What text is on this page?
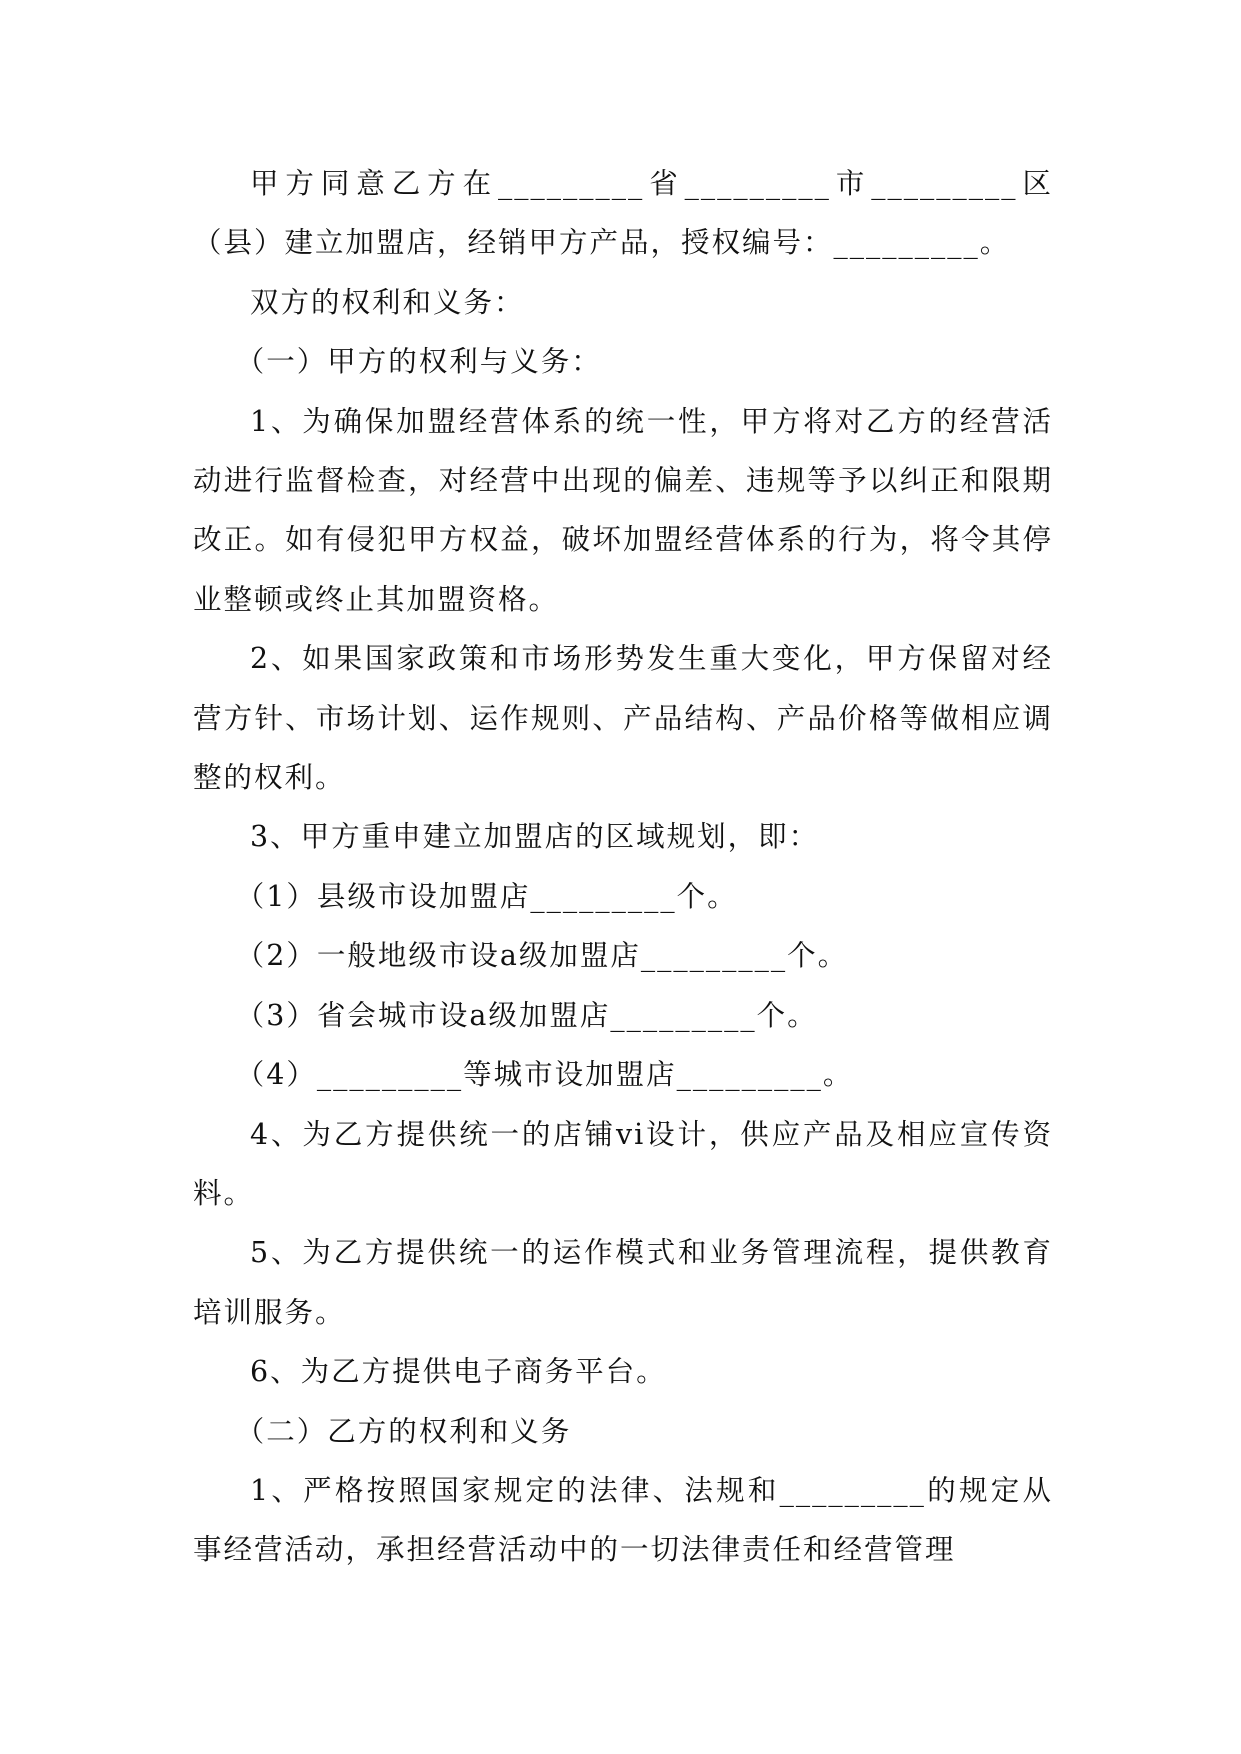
甲方同意乙方在_________省_________市_________区（县）建立加盟店，经销甲方产品，授权编号：_________。

双方的权利和义务：

（一）甲方的权利与义务：

1、为确保加盟经营体系的统一性，甲方将对乙方的经营活动进行监督检查，对经营中出现的偏差、违规等予以纠正和限期改正。如有侵犯甲方权益，破坏加盟经营体系的行为，将令其停业整顿或终止其加盟资格。

2、如果国家政策和市场形势发生重大变化，甲方保留对经营方针、市场计划、运作规则、产品结构、产品价格等做相应调整的权利。

3、甲方重申建立加盟店的区域规划，即：

（1）县级市设加盟店_________个。

（2）一般地级市设a级加盟店_________个。

（3）省会城市设a级加盟店_________个。

（4）_________等城市设加盟店_________。

4、为乙方提供统一的店铺vi设计，供应产品及相应宣传资料。

5、为乙方提供统一的运作模式和业务管理流程，提供教育培训服务。

6、为乙方提供电子商务平台。

（二）乙方的权利和义务

1、严格按照国家规定的法律、法规和_________的规定从事经营活动，承担经营活动中的一切法律责任和经营管理
